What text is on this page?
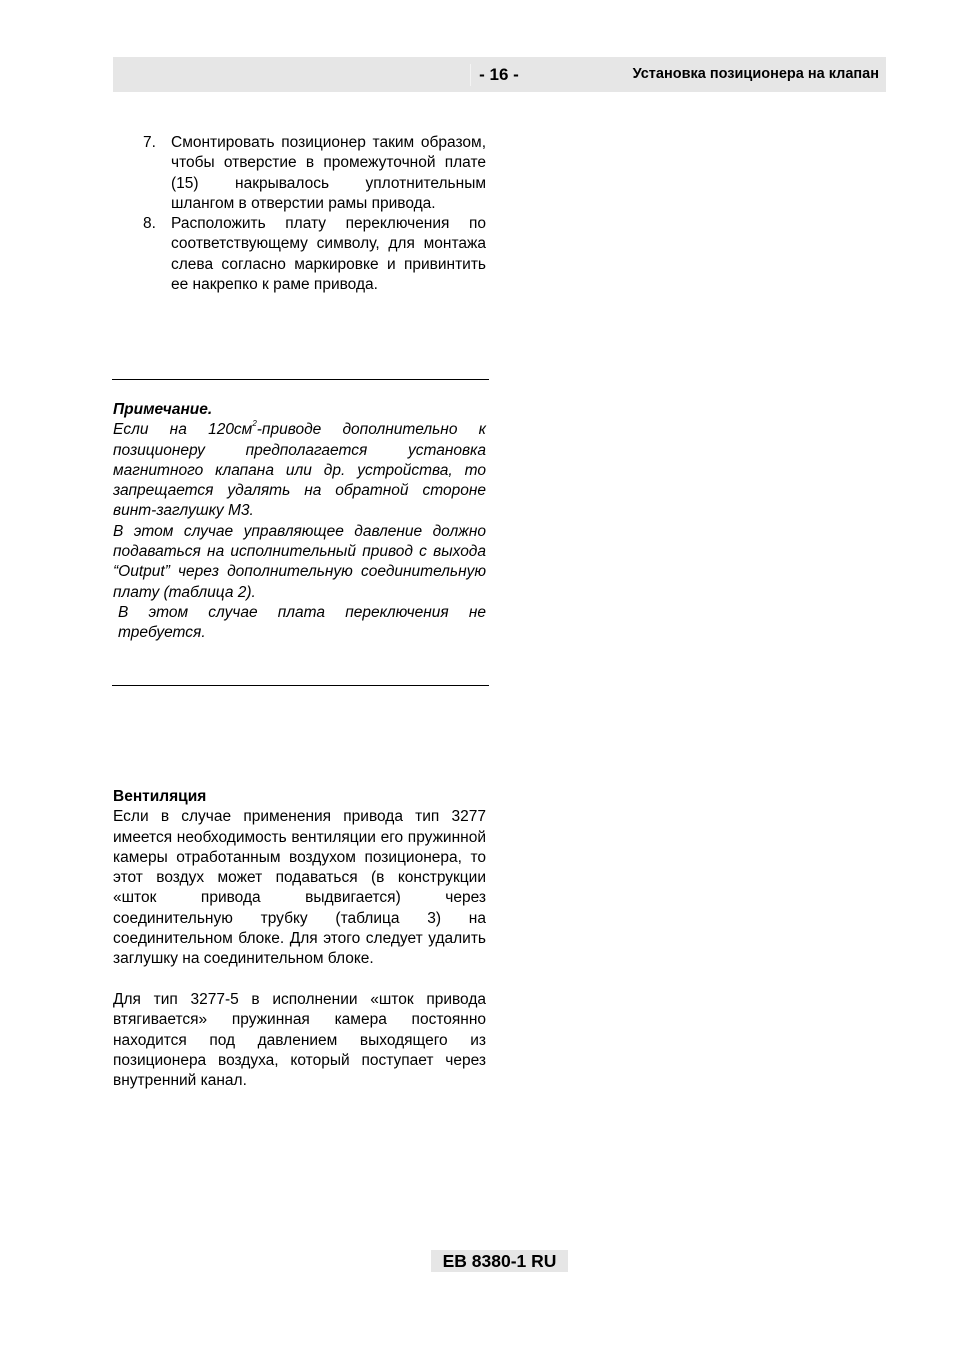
- 16 -	Установка позиционера на клапан
7. Смонтировать позиционер таким образом, чтобы отверстие в промежуточной плате (15) накрывалось уплотнительным шлангом в отверстии рамы привода.
8. Расположить плату переключения по соответствующему символу, для монтажа слева согласно маркировке и привинтить ее накрепко к раме привода.
Примечание.

Если на $120см^2$-приводе дополнительно к позиционеру предполагается установка магнитного клапана или др. устройства, то запрещается удалять на обратной стороне винт-заглушку М3.

В этом случае управляющее давление должно подаваться на исполнительный привод с выхода “Output” через дополнительную соединительную плату (таблица 2).

В этом случае плата переключения не требуется.

Вентиляция

Если в случае применения привода тип 3277 имеется необходимость вентиляции его пружинной камеры отработанным воздухом позиционера, то этот воздух может подаваться (в конструкции «шток привода выдвигается) через соединительную трубку (таблица 3) на соединительном блоке. Для этого следует удалить заглушку на соединительном блоке.

Для тип 3277-5 в исполнении «шток привода втягивается» пружинная камера постоянно находится под давлением выходящего из позиционера воздуха, который поступает через внутренний канал.

EB 8380-1 RU
